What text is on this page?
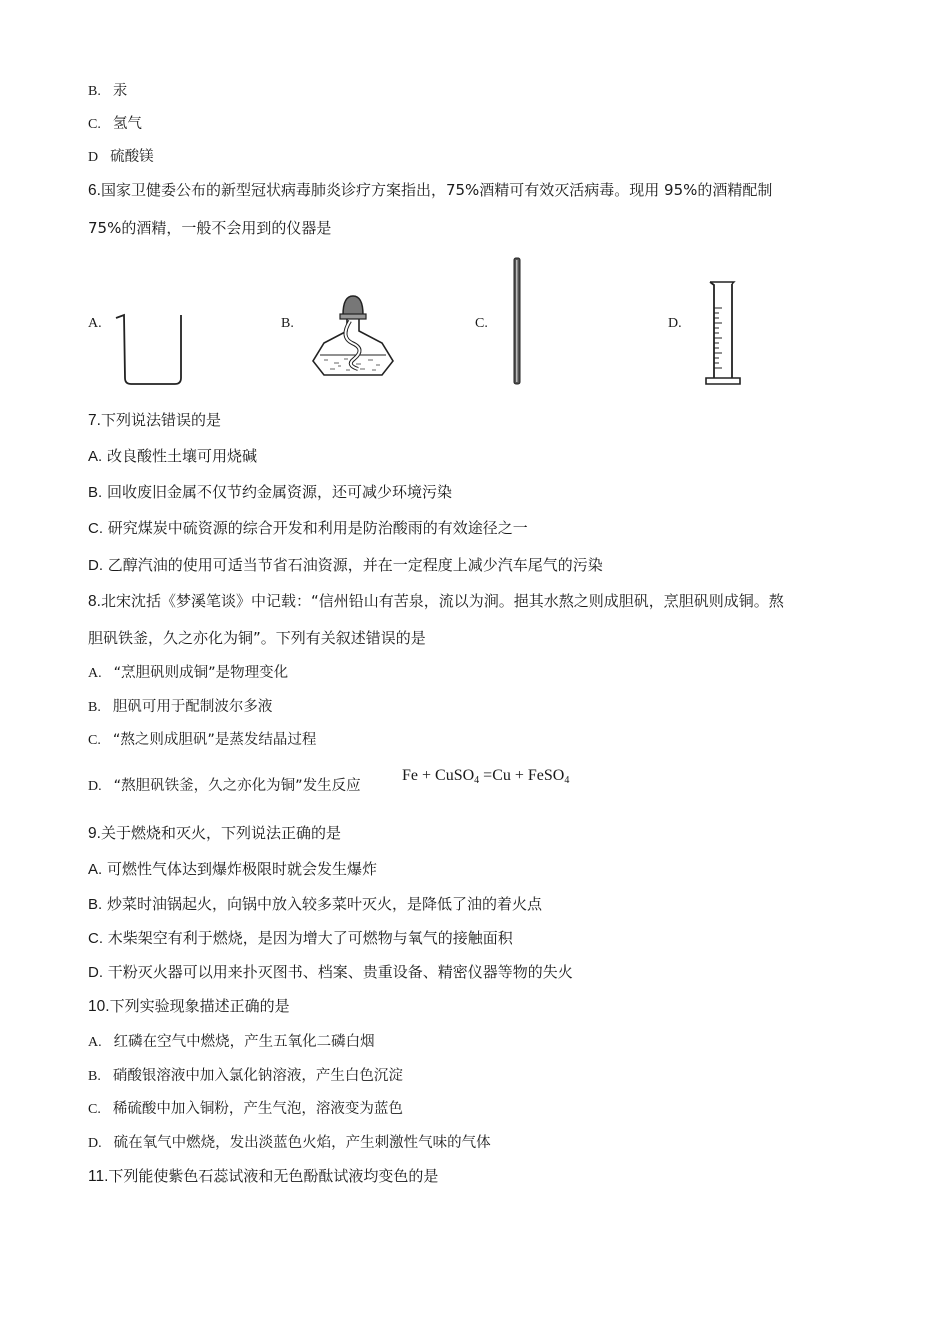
B. 汞
C. 氢气
D 硫酸镁
6.国家卫健委公布的新型冠状病毒肺炎诊疗方案指出，75%酒精可有效灭活病毒。现用 95%的酒精配制
75%的酒精，一般不会用到的仪器是
A.	B.	C.	D.
7.下列说法错误的是
A. 改良酸性土壤可用烧碱
B. 回收废旧金属不仅节约金属资源，还可减少环境污染
C. 研究煤炭中硫资源的综合开发和利用是防治酸雨的有效途径之一
D. 乙醇汽油的使用可适当节省石油资源，并在一定程度上减少汽车尾气的污染
8.北宋沈括《梦溪笔谈》中记载：“信州铅山有苦泉，流以为涧。挹其水熬之则成胆矾，烹胆矾则成铜。熬
胆矾铁釜，久之亦化为铜”。下列有关叙述错误的是
A. “烹胆矾则成铜”是物理变化
B. 胆矾可用于配制波尔多液
C. “熬之则成胆矾”是蒸发结晶过程
D. “熬胆矾铁釜，久之亦化为铜”发生反应
Fe + CuSO$_4$ =Cu + FeSO$_4$
9.关于燃烧和灭火，下列说法正确的是
A. 可燃性气体达到爆炸极限时就会发生爆炸
B. 炒菜时油锅起火，向锅中放入较多菜叶灭火，是降低了油的着火点
C. 木柴架空有利于燃烧，是因为增大了可燃物与氧气的接触面积
D. 干粉灭火器可以用来扑灭图书、档案、贵重设备、精密仪器等物的失火
10.下列实验现象描述正确的是
A. 红磷在空气中燃烧，产生五氧化二磷白烟
B. 硝酸银溶液中加入氯化钠溶液，产生白色沉淀
C. 稀硫酸中加入铜粉，产生气泡，溶液变为蓝色
D. 硫在氧气中燃烧，发出淡蓝色火焰，产生刺激性气味的气体
11.下列能使紫色石蕊试液和无色酚酞试液均变色的是
